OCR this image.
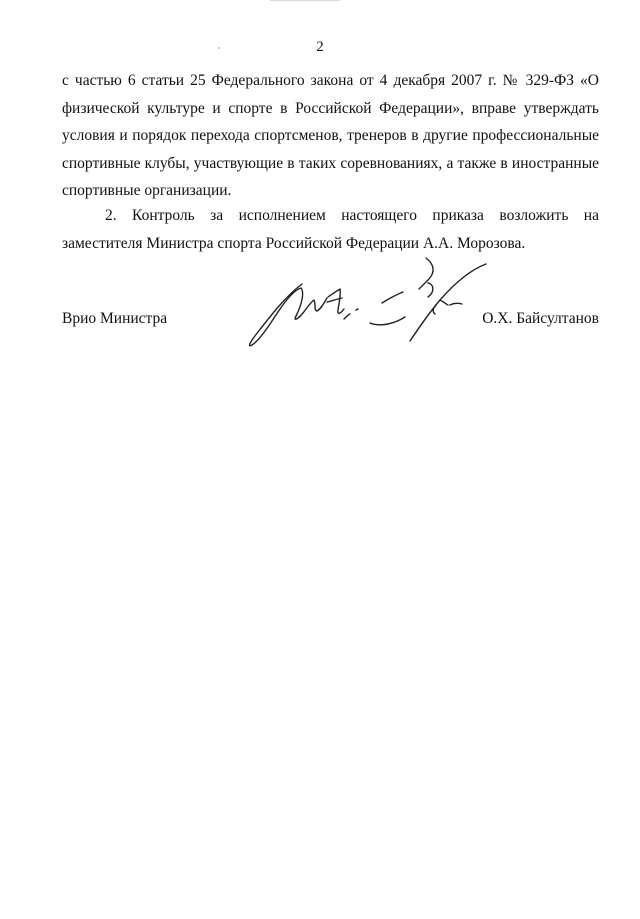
2
с частью 6 статьи 25 Федерального закона от 4 декабря 2007 г. № 329-ФЗ «О физической культуре и спорте в Российской Федерации», вправе утверждать условия и порядок перехода спортсменов, тренеров в другие профессиональные спортивные клубы, участвующие в таких соревнованиях, а также в иностранные спортивные организации.
2. Контроль за исполнением настоящего приказа возложить на заместителя Министра спорта Российской Федерации А.А. Морозова.
Врио Министра	О.Х. Байсултанов
